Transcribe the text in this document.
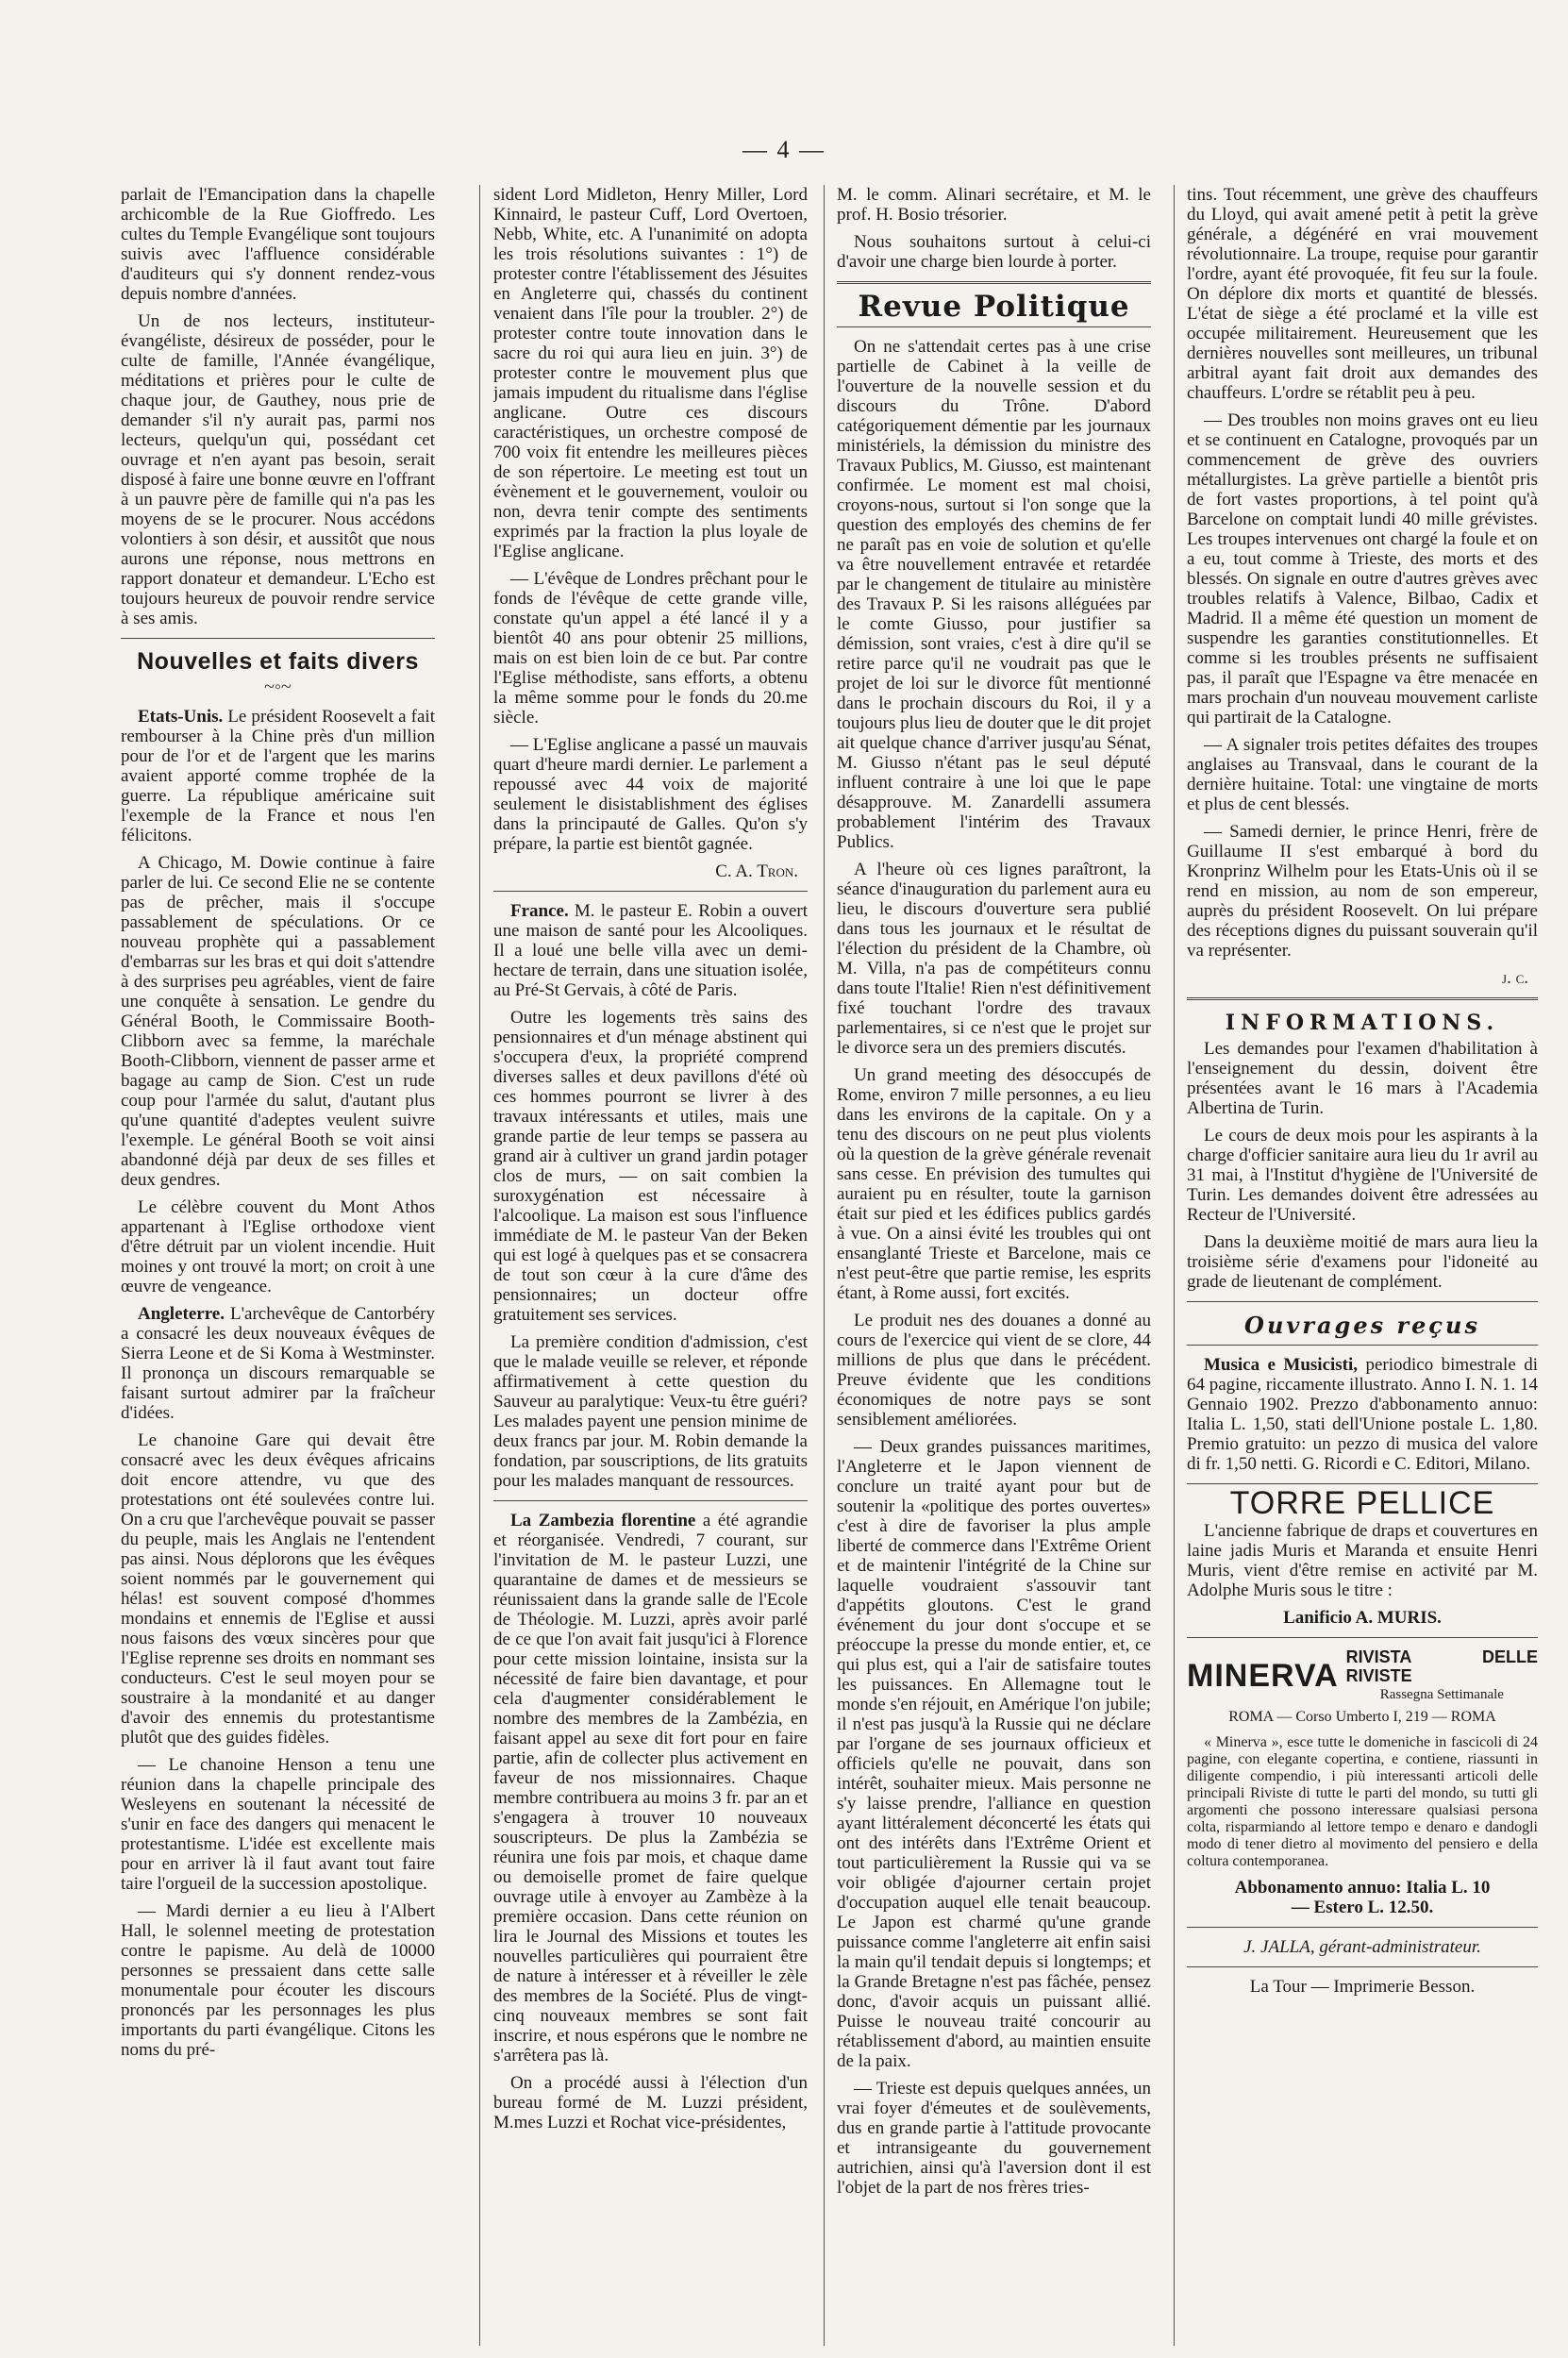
— 4 —

parlait de l'Emancipation dans la chapelle archicomble de la Rue Gioffredo. Les cultes du Temple Evangélique sont toujours suivis avec l'affluence considérable d'auditeurs qui s'y donnent rendez-vous depuis nombre d'années.

Un de nos lecteurs, instituteur-évangéliste, désireux de posséder, pour le culte de famille, l'Année évangélique, méditations et prières pour le culte de chaque jour, de Gauthey, nous prie de demander s'il n'y aurait pas, parmi nos lecteurs, quelqu'un qui, possédant cet ouvrage et n'en ayant pas besoin, serait disposé à faire une bonne œuvre en l'offrant à un pauvre père de famille qui n'a pas les moyens de se le procurer. Nous accédons volontiers à son désir, et aussitôt que nous aurons une réponse, nous mettrons en rapport donateur et demandeur. L'Echo est toujours heureux de pouvoir rendre service à ses amis.

Nouvelles et faits divers
~◦~

Etats-Unis. Le président Roosevelt a fait rembourser à la Chine près d'un million pour de l'or et de l'argent que les marins avaient apporté comme trophée de la guerre. La république américaine suit l'exemple de la France et nous l'en félicitons.

A Chicago, M. Dowie continue à faire parler de lui. Ce second Elie ne se contente pas de prêcher, mais il s'occupe passablement de spéculations. Or ce nouveau prophète qui a passablement d'embarras sur les bras et qui doit s'attendre à des surprises peu agréables, vient de faire une conquête à sensation. Le gendre du Général Booth, le Commissaire Booth-Clibborn avec sa femme, la maréchale Booth-Clibborn, viennent de passer arme et bagage au camp de Sion. C'est un rude coup pour l'armée du salut, d'autant plus qu'une quantité d'adeptes veulent suivre l'exemple. Le général Booth se voit ainsi abandonné déjà par deux de ses filles et deux gendres.

Le célèbre couvent du Mont Athos appartenant à l'Eglise orthodoxe vient d'être détruit par un violent incendie. Huit moines y ont trouvé la mort; on croit à une œuvre de vengeance.

Angleterre. L'archevêque de Cantorbéry a consacré les deux nouveaux évêques de Sierra Leone et de Si Koma à Westminster. Il prononça un discours remarquable se faisant surtout admirer par la fraîcheur d'idées.

Le chanoine Gare qui devait être consacré avec les deux évêques africains doit encore attendre, vu que des protestations ont été soulevées contre lui. On a cru que l'archevêque pouvait se passer du peuple, mais les Anglais ne l'entendent pas ainsi. Nous déplorons que les évêques soient nommés par le gouvernement qui hélas! est souvent composé d'hommes mondains et ennemis de l'Eglise et aussi nous faisons des vœux sincères pour que l'Eglise reprenne ses droits en nommant ses conducteurs. C'est le seul moyen pour se soustraire à la mondanité et au danger d'avoir des ennemis du protestantisme plutôt que des guides fidèles.

— Le chanoine Henson a tenu une réunion dans la chapelle principale des Wesleyens en soutenant la nécessité de s'unir en face des dangers qui menacent le protestantisme. L'idée est excellente mais pour en arriver là il faut avant tout faire taire l'orgueil de la succession apostolique.

— Mardi dernier a eu lieu à l'Albert Hall, le solennel meeting de protestation contre le papisme. Au delà de 10000 personnes se pressaient dans cette salle monumentale pour écouter les discours prononcés par les personnages les plus importants du parti évangélique. Citons les noms du pré-

sident Lord Midleton, Henry Miller, Lord Kinnaird, le pasteur Cuff, Lord Overtoen, Nebb, White, etc. A l'unanimité on adopta les trois résolutions suivantes : 1°) de protester contre l'établissement des Jésuites en Angleterre qui, chassés du continent venaient dans l'île pour la troubler. 2°) de protester contre toute innovation dans le sacre du roi qui aura lieu en juin. 3°) de protester contre le mouvement plus que jamais impudent du ritualisme dans l'église anglicane. Outre ces discours caractéristiques, un orchestre composé de 700 voix fit entendre les meilleures pièces de son répertoire. Le meeting est tout un évènement et le gouvernement, vouloir ou non, devra tenir compte des sentiments exprimés par la fraction la plus loyale de l'Eglise anglicane.

— L'évêque de Londres prêchant pour le fonds de l'évêque de cette grande ville, constate qu'un appel a été lancé il y a bientôt 40 ans pour obtenir 25 millions, mais on est bien loin de ce but. Par contre l'Eglise méthodiste, sans efforts, a obtenu la même somme pour le fonds du 20.me siècle.

— L'Eglise anglicane a passé un mauvais quart d'heure mardi dernier. Le parlement a repoussé avec 44 voix de majorité seulement le disistablishment des églises dans la principauté de Galles. Qu'on s'y prépare, la partie est bientôt gagnée.

C. A. Tron.

France. M. le pasteur E. Robin a ouvert une maison de santé pour les Alcooliques. Il a loué une belle villa avec un demi-hectare de terrain, dans une situation isolée, au Pré-St Gervais, à côté de Paris.

Outre les logements très sains des pensionnaires et d'un ménage abstinent qui s'occupera d'eux, la propriété comprend diverses salles et deux pavillons d'été où ces hommes pourront se livrer à des travaux intéressants et utiles, mais une grande partie de leur temps se passera au grand air à cultiver un grand jardin potager clos de murs, — on sait combien la suroxygénation est nécessaire à l'alcoolique. La maison est sous l'influence immédiate de M. le pasteur Van der Beken qui est logé à quelques pas et se consacrera de tout son cœur à la cure d'âme des pensionnaires; un docteur offre gratuitement ses services.

La première condition d'admission, c'est que le malade veuille se relever, et réponde affirmativement à cette question du Sauveur au paralytique: Veux-tu être guéri? Les malades payent une pension minime de deux francs par jour. M. Robin demande la fondation, par souscriptions, de lits gratuits pour les malades manquant de ressources.

La Zambezia florentine a été agrandie et réorganisée. Vendredi, 7 courant, sur l'invitation de M. le pasteur Luzzi, une quarantaine de dames et de messieurs se réunissaient dans la grande salle de l'Ecole de Théologie. M. Luzzi, après avoir parlé de ce que l'on avait fait jusqu'ici à Florence pour cette mission lointaine, insista sur la nécessité de faire bien davantage, et pour cela d'augmenter considérablement le nombre des membres de la Zambézia, en faisant appel au sexe dit fort pour en faire partie, afin de collecter plus activement en faveur de nos missionnaires. Chaque membre contribuera au moins 3 fr. par an et s'engagera à trouver 10 nouveaux souscripteurs. De plus la Zambézia se réunira une fois par mois, et chaque dame ou demoiselle promet de faire quelque ouvrage utile à envoyer au Zambèze à la première occasion. Dans cette réunion on lira le Journal des Missions et toutes les nouvelles particulières qui pourraient être de nature à intéresser et à réveiller le zèle des membres de la Société. Plus de vingt-cinq nouveaux membres se sont fait inscrire, et nous espérons que le nombre ne s'arrêtera pas là.

On a procédé aussi à l'élection d'un bureau formé de M. Luzzi président, M.mes Luzzi et Rochat vice-présidentes,

M. le comm. Alinari secrétaire, et M. le prof. H. Bosio trésorier.

Nous souhaitons surtout à celui-ci d'avoir une charge bien lourde à porter.

Revue Politique

On ne s'attendait certes pas à une crise partielle de Cabinet à la veille de l'ouverture de la nouvelle session et du discours du Trône. D'abord catégoriquement démentie par les journaux ministériels, la démission du ministre des Travaux Publics, M. Giusso, est maintenant confirmée. Le moment est mal choisi, croyons-nous, surtout si l'on songe que la question des employés des chemins de fer ne paraît pas en voie de solution et qu'elle va être nouvellement entravée et retardée par le changement de titulaire au ministère des Travaux P. Si les raisons alléguées par le comte Giusso, pour justifier sa démission, sont vraies, c'est à dire qu'il se retire parce qu'il ne voudrait pas que le projet de loi sur le divorce fût mentionné dans le prochain discours du Roi, il y a toujours plus lieu de douter que le dit projet ait quelque chance d'arriver jusqu'au Sénat, M. Giusso n'étant pas le seul député influent contraire à une loi que le pape désapprouve. M. Zanardelli assumera probablement l'intérim des Travaux Publics.

A l'heure où ces lignes paraîtront, la séance d'inauguration du parlement aura eu lieu, le discours d'ouverture sera publié dans tous les journaux et le résultat de l'élection du président de la Chambre, où M. Villa, n'a pas de compétiteurs connu dans toute l'Italie! Rien n'est définitivement fixé touchant l'ordre des travaux parlementaires, si ce n'est que le projet sur le divorce sera un des premiers discutés.

Un grand meeting des désoccupés de Rome, environ 7 mille personnes, a eu lieu dans les environs de la capitale. On y a tenu des discours on ne peut plus violents où la question de la grève générale revenait sans cesse. En prévision des tumultes qui auraient pu en résulter, toute la garnison était sur pied et les édifices publics gardés à vue. On a ainsi évité les troubles qui ont ensanglanté Trieste et Barcelone, mais ce n'est peut-être que partie remise, les esprits étant, à Rome aussi, fort excités.

Le produit nes des douanes a donné au cours de l'exercice qui vient de se clore, 44 millions de plus que dans le précédent. Preuve évidente que les conditions économiques de notre pays se sont sensiblement améliorées.

— Deux grandes puissances maritimes, l'Angleterre et le Japon viennent de conclure un traité ayant pour but de soutenir la «politique des portes ouvertes» c'est à dire de favoriser la plus ample liberté de commerce dans l'Extrême Orient et de maintenir l'intégrité de la Chine sur laquelle voudraient s'assouvir tant d'appétits gloutons. C'est le grand événement du jour dont s'occupe et se préoccupe la presse du monde entier, et, ce qui plus est, qui a l'air de satisfaire toutes les puissances. En Allemagne tout le monde s'en réjouit, en Amérique l'on jubile; il n'est pas jusqu'à la Russie qui ne déclare par l'organe de ses journaux officieux et officiels qu'elle ne pouvait, dans son intérêt, souhaiter mieux. Mais personne ne s'y laisse prendre, l'alliance en question ayant littéralement déconcerté les états qui ont des intérêts dans l'Extrême Orient et tout particulièrement la Russie qui va se voir obligée d'ajourner certain projet d'occupation auquel elle tenait beaucoup. Le Japon est charmé qu'une grande puissance comme l'angleterre ait enfin saisi la main qu'il tendait depuis si longtemps; et la Grande Bretagne n'est pas fâchée, pensez donc, d'avoir acquis un puissant allié. Puisse le nouveau traité concourir au rétablissement d'abord, au maintien ensuite de la paix.

— Trieste est depuis quelques années, un vrai foyer d'émeutes et de soulèvements, dus en grande partie à l'attitude provocante et intransigeante du gouvernement autrichien, ainsi qu'à l'aversion dont il est l'objet de la part de nos frères tries-

tins. Tout récemment, une grève des chauffeurs du Lloyd, qui avait amené petit à petit la grève générale, a dégénéré en vrai mouvement révolutionnaire. La troupe, requise pour garantir l'ordre, ayant été provoquée, fit feu sur la foule. On déplore dix morts et quantité de blessés. L'état de siège a été proclamé et la ville est occupée militairement. Heureusement que les dernières nouvelles sont meilleures, un tribunal arbitral ayant fait droit aux demandes des chauffeurs. L'ordre se rétablit peu à peu.

— Des troubles non moins graves ont eu lieu et se continuent en Catalogne, provoqués par un commencement de grève des ouvriers métallurgistes. La grève partielle a bientôt pris de fort vastes proportions, à tel point qu'à Barcelone on comptait lundi 40 mille grévistes. Les troupes intervenues ont chargé la foule et on a eu, tout comme à Trieste, des morts et des blessés. On signale en outre d'autres grèves avec troubles relatifs à Valence, Bilbao, Cadix et Madrid. Il a même été question un moment de suspendre les garanties constitutionnelles. Et comme si les troubles présents ne suffisaient pas, il paraît que l'Espagne va être menacée en mars prochain d'un nouveau mouvement carliste qui partirait de la Catalogne.

— A signaler trois petites défaites des troupes anglaises au Transvaal, dans le courant de la dernière huitaine. Total: une vingtaine de morts et plus de cent blessés.

— Samedi dernier, le prince Henri, frère de Guillaume II s'est embarqué à bord du Kronprinz Wilhelm pour les Etats-Unis où il se rend en mission, au nom de son empereur, auprès du président Roosevelt. On lui prépare des réceptions dignes du puissant souverain qu'il va représenter.

j. c.
INFORMATIONS.

Les demandes pour l'examen d'habilitation à l'enseignement du dessin, doivent être présentées avant le 16 mars à l'Academia Albertina de Turin.

Le cours de deux mois pour les aspirants à la charge d'officier sanitaire aura lieu du 1r avril au 31 mai, à l'Institut d'hygiène de l'Université de Turin. Les demandes doivent être adressées au Recteur de l'Université.

Dans la deuxième moitié de mars aura lieu la troisième série d'examens pour l'idoneité au grade de lieutenant de complément.

Ouvrages reçus

Musica e Musicisti, periodico bimestrale di 64 pagine, riccamente illustrato. Anno I. N. 1. 14 Gennaio 1902. Prezzo d'abbonamento annuo: Italia L. 1,50, stati dell'Unione postale L. 1,80. Premio gratuito: un pezzo di musica del valore di fr. 1,50 netti. G. Ricordi e C. Editori, Milano.

TORRE PELLICE

L'ancienne fabrique de draps et couvertures en laine jadis Muris et Maranda et ensuite Henri Muris, vient d'être remise en activité par M. Adolphe Muris sous le titre :

Lanificio A. MURIS.
MINERVA
RIVISTA DELLE RIVISTE
Rassegna Settimanale
ROMA — Corso Umberto I, 219 — ROMA

« Minerva », esce tutte le domeniche in fascicoli di 24 pagine, con elegante copertina, e contiene, riassunti in diligente compendio, i più interessanti articoli delle principali Riviste di tutte le parti del mondo, su tutti gli argomenti che possono interessare qualsiasi persona colta, risparmiando al lettore tempo e denaro e dandogli modo di tener dietro al movimento del pensiero e della coltura contemporanea.

Abbonamento annuo: Italia L. 10
— Estero L. 12.50.
J. JALLA, gérant-administrateur.
La Tour — Imprimerie Besson.
